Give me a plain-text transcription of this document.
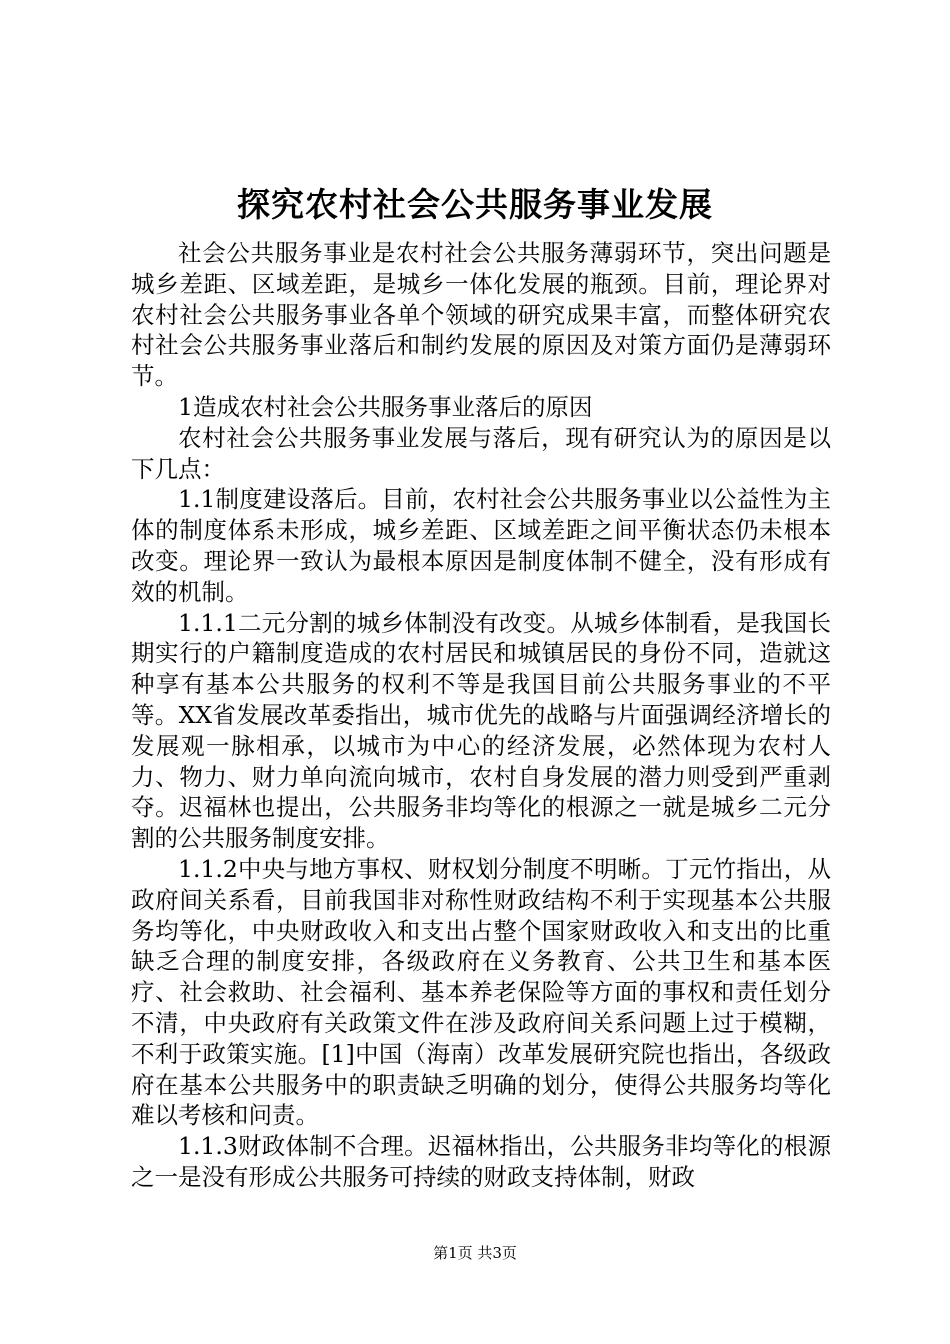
探究农村社会公共服务事业发展

社会公共服务事业是农村社会公共服务薄弱环节，突出问题是城乡差距、区域差距，是城乡一体化发展的瓶颈。目前，理论界对农村社会公共服务事业各单个领域的研究成果丰富，而整体研究农村社会公共服务事业落后和制约发展的原因及对策方面仍是薄弱环节。

1造成农村社会公共服务事业落后的原因

农村社会公共服务事业发展与落后，现有研究认为的原因是以下几点：

1.1制度建设落后。目前，农村社会公共服务事业以公益性为主体的制度体系未形成，城乡差距、区域差距之间平衡状态仍未根本改变。理论界一致认为最根本原因是制度体制不健全，没有形成有效的机制。

1.1.1二元分割的城乡体制没有改变。从城乡体制看，是我国长期实行的户籍制度造成的农村居民和城镇居民的身份不同，造就这种享有基本公共服务的权利不等是我国目前公共服务事业的不平等。XX省发展改革委指出，城市优先的战略与片面强调经济增长的发展观一脉相承，以城市为中心的经济发展，必然体现为农村人力、物力、财力单向流向城市，农村自身发展的潜力则受到严重剥夺。迟福林也提出，公共服务非均等化的根源之一就是城乡二元分割的公共服务制度安排。

1.1.2中央与地方事权、财权划分制度不明晰。丁元竹指出，从政府间关系看，目前我国非对称性财政结构不利于实现基本公共服务均等化，中央财政收入和支出占整个国家财政收入和支出的比重缺乏合理的制度安排，各级政府在义务教育、公共卫生和基本医疗、社会救助、社会福利、基本养老保险等方面的事权和责任划分不清，中央政府有关政策文件在涉及政府间关系问题上过于模糊，不利于政策实施。[1]中国（海南）改革发展研究院也指出，各级政府在基本公共服务中的职责缺乏明确的划分，使得公共服务均等化难以考核和问责。

1.1.3财政体制不合理。迟福林指出，公共服务非均等化的根源之一是没有形成公共服务可持续的财政支持体制，财政

第1页 共3页
